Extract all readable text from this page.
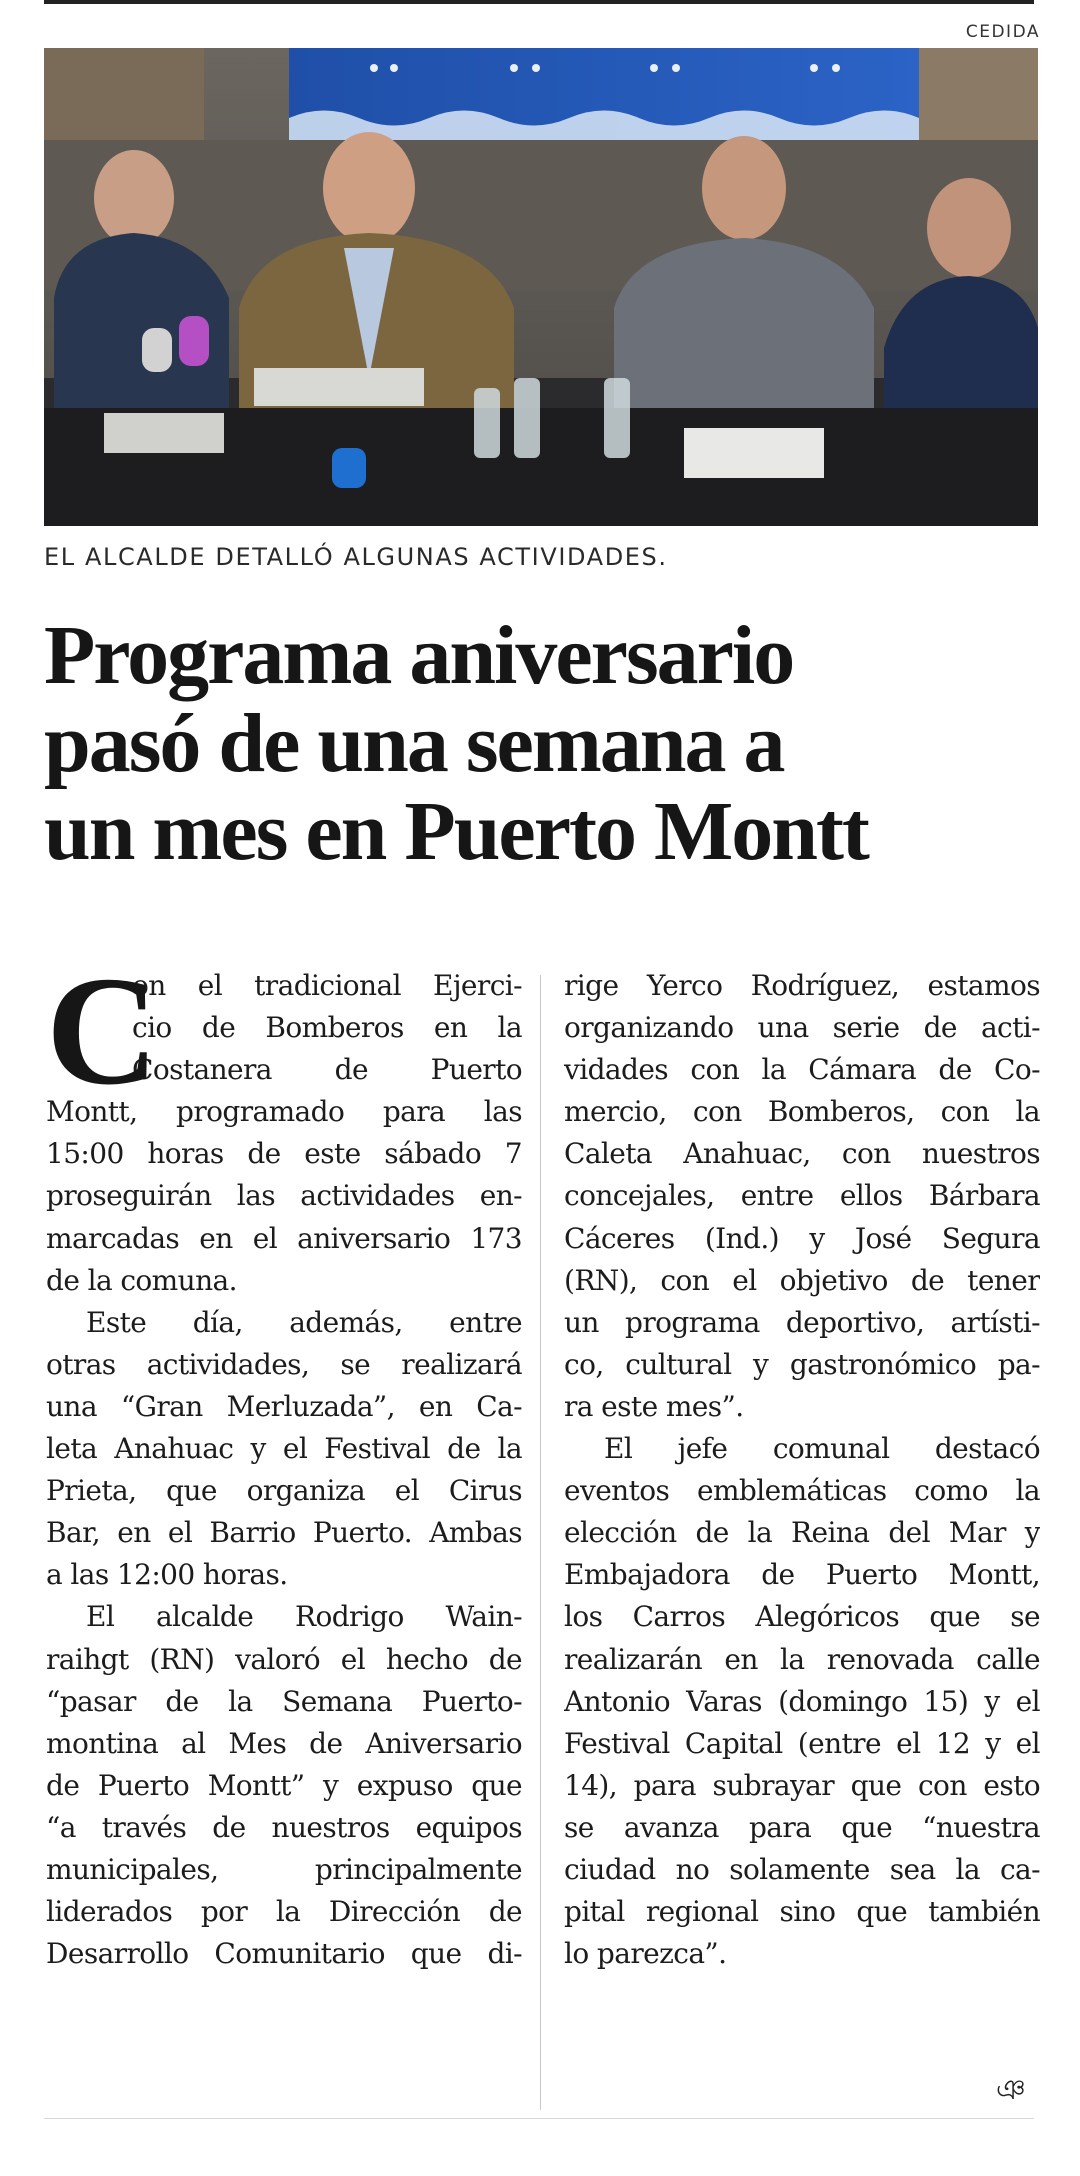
CEDIDA
EL ALCALDE DETALLÓ ALGUNAS ACTIVIDADES.
Programa aniversario
pasó de una semana a
un mes en Puerto Montt
C
on el tradicional Ejerci-
cio de Bomberos en la
Costanera de Puerto
Montt, programado para las
15:00 horas de este sábado 7
proseguirán las actividades en-
marcadas en el aniversario 173
de la comuna.
Este día, además, entre
otras actividades, se realizará
una “Gran Merluzada”, en Ca-
leta Anahuac y el Festival de la
Prieta, que organiza el Cirus
Bar, en el Barrio Puerto. Ambas
a las 12:00 horas.
El alcalde Rodrigo Wain-
raihgt (RN) valoró el hecho de
“pasar de la Semana Puerto-
montina al Mes de Aniversario
de Puerto Montt” y expuso que
“a través de nuestros equipos
municipales, principalmente
liderados por la Dirección de
Desarrollo Comunitario que di-
rige Yerco Rodríguez, estamos
organizando una serie de acti-
vidades con la Cámara de Co-
mercio, con Bomberos, con la
Caleta Anahuac, con nuestros
concejales, entre ellos Bárbara
Cáceres (Ind.) y José Segura
(RN), con el objetivo de tener
un programa deportivo, artísti-
co, cultural y gastronómico pa-
ra este mes”.
El jefe comunal destacó
eventos emblemáticas como la
elección de la Reina del Mar y
Embajadora de Puerto Montt,
los Carros Alegóricos que se
realizarán en la renovada calle
Antonio Varas (domingo 15) y el
Festival Capital (entre el 12 y el
14), para subrayar que con esto
se avanza para que “nuestra
ciudad no solamente sea la ca-
pital regional sino que también
lo parezca”.
ঞ
